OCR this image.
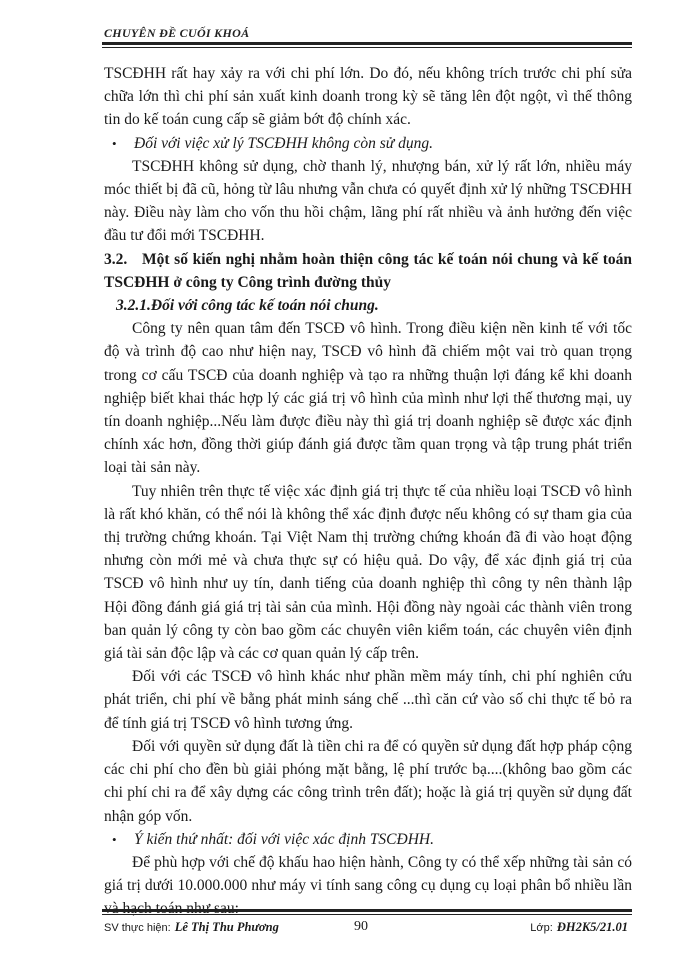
CHUYÊN ĐỀ CUỐI KHOÁ

TSCĐHH rất hay xảy ra với chi phí lớn. Do đó, nếu không trích trước chi phí sửa chữa lớn thì chi phí sản xuất kinh doanh trong kỳ sẽ tăng lên đột ngột, vì thế thông tin do kế toán cung cấp sẽ giảm bớt độ chính xác.

• Đối với việc xử lý TSCĐHH không còn sử dụng.

TSCĐHH không sử dụng, chờ thanh lý, nhượng bán, xử lý rất lớn, nhiều máy móc thiết bị đã cũ, hỏng từ lâu nhưng vẫn chưa có quyết định xử lý những TSCĐHH này. Điều này làm cho vốn thu hồi chậm, lãng phí rất nhiều và ảnh hưởng đến việc đầu tư đổi mới TSCĐHH.

3.2. Một số kiến nghị nhằm hoàn thiện công tác kế toán nói chung và kế toán TSCĐHH ở công ty Công trình đường thủy

3.2.1.Đối với công tác kế toán nói chung.

Công ty nên quan tâm đến TSCĐ vô hình. Trong điều kiện nền kinh tế với tốc độ và trình độ cao như hiện nay, TSCĐ vô hình đã chiếm một vai trò quan trọng trong cơ cấu TSCĐ của doanh nghiệp và tạo ra những thuận lợi đáng kể khi doanh nghiệp biết khai thác hợp lý các giá trị vô hình của mình như lợi thế thương mại, uy tín doanh nghiệp...Nếu làm được điều này thì giá trị doanh nghiệp sẽ được xác định chính xác hơn, đồng thời giúp đánh giá được tầm quan trọng và tập trung phát triển loại tài sản này.

Tuy nhiên trên thực tế việc xác định giá trị thực tế của nhiều loại TSCĐ vô hình là rất khó khăn, có thể nói là không thể xác định được nếu không có sự tham gia của thị trường chứng khoán. Tại Việt Nam thị trường chứng khoán đã đi vào hoạt động nhưng còn mới mẻ và chưa thực sự có hiệu quả. Do vậy, để xác định giá trị của TSCĐ vô hình như uy tín, danh tiếng của doanh nghiệp thì công ty nên thành lập Hội đồng đánh giá giá trị tài sản của mình. Hội đồng này ngoài các thành viên trong ban quản lý công ty còn bao gồm các chuyên viên kiểm toán, các chuyên viên định giá tài sản độc lập và các cơ quan quản lý cấp trên.

Đối với các TSCĐ vô hình khác như phần mềm máy tính, chi phí nghiên cứu phát triển, chi phí về bằng phát minh sáng chế ...thì căn cứ vào số chi thực tế bỏ ra để tính giá trị TSCĐ vô hình tương ứng.

Đối với quyền sử dụng đất là tiền chi ra để có quyền sử dụng đất hợp pháp cộng các chi phí cho đền bù giải phóng mặt bằng, lệ phí trước bạ....(không bao gồm các chi phí chi ra để xây dựng các công trình trên đất); hoặc là giá trị quyền sử dụng đất nhận góp vốn.

• Ý kiến thứ nhất: đối với việc xác định TSCĐHH.

Để phù hợp với chế độ khấu hao hiện hành, Công ty có thể xếp những tài sản có giá trị dưới 10.000.000 như máy vi tính sang công cụ dụng cụ loại phân bổ nhiều lần

SV thực hiện: Lê Thị Thu Phương	90	Lớp: ĐH2K5/21.01
